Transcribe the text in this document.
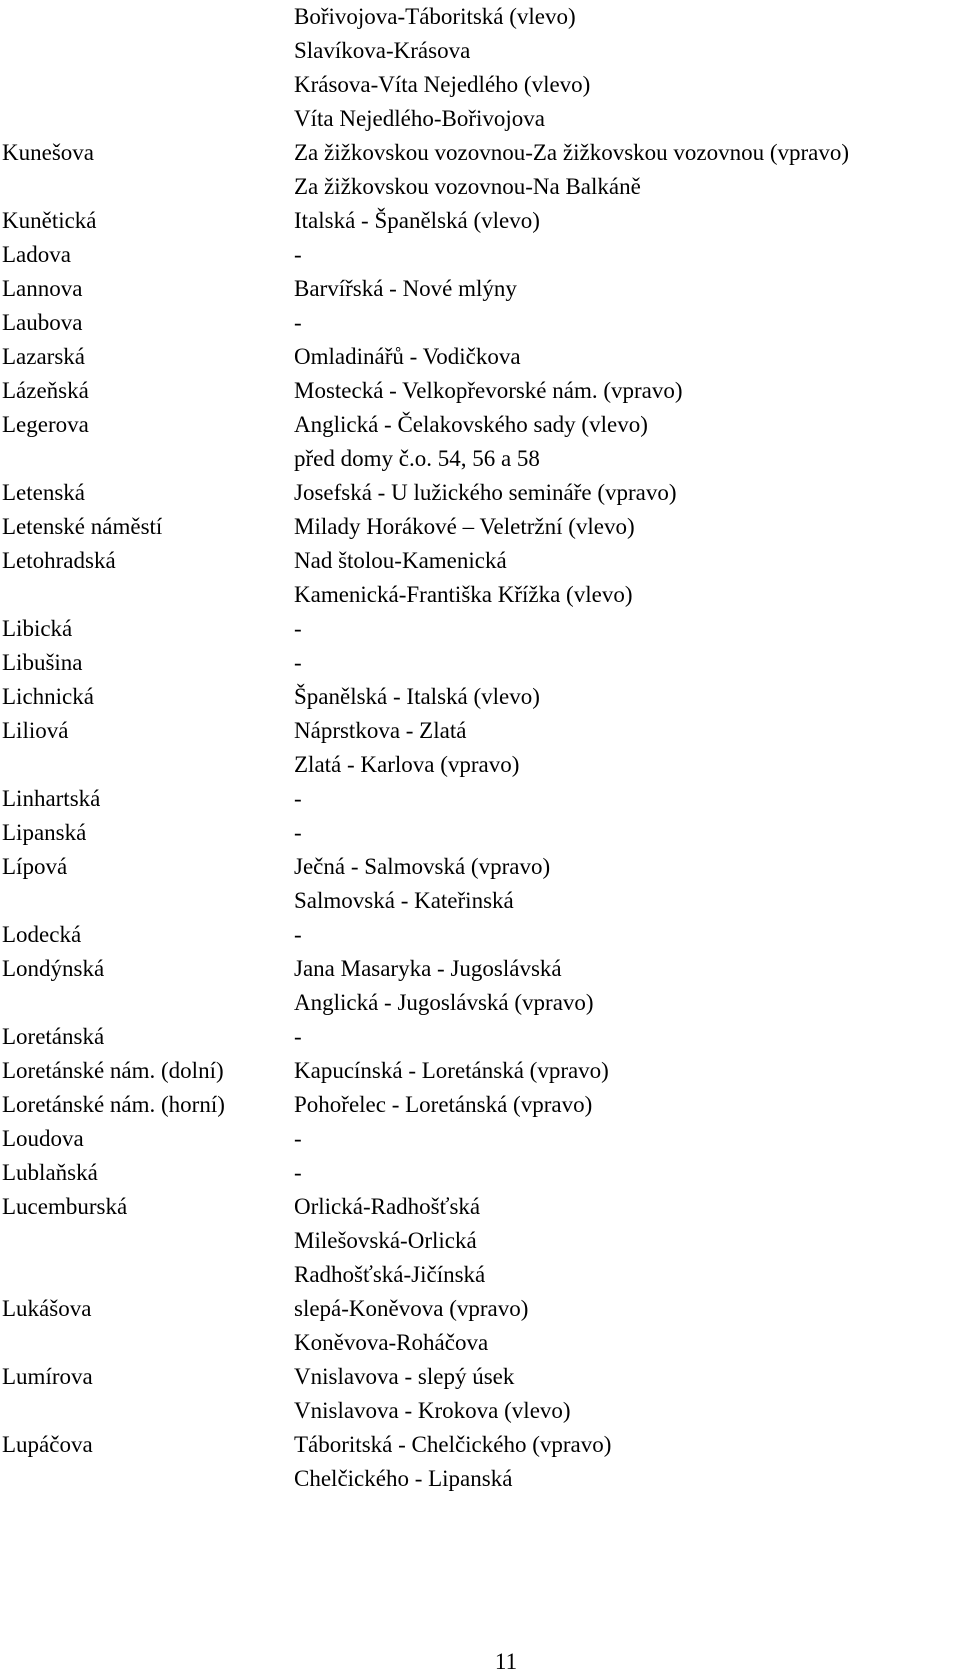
Bořivojova-Táboritská (vlevo)
Slavíkova-Krásova
Krásova-Víta Nejedlého (vlevo)
Víta Nejedlého-Bořivojova
Kunešova	Za žižkovskou vozovnou-Za žižkovskou vozovnou (vpravo)
Za žižkovskou vozovnou-Na Balkáně
Kunětická	Italská - Španělská (vlevo)
Ladova	-
Lannova	Barvířská - Nové mlýny
Laubova	-
Lazarská	Omladinářů - Vodičkova
Lázeňská	Mostecká - Velkopřevorské nám. (vpravo)
Legerova	Anglická - Čelakovského sady (vlevo)
před domy č.o. 54, 56 a 58
Letenská	Josefská - U lužického semináře (vpravo)
Letenské náměstí	Milady Horákové – Veletržní (vlevo)
Letohradská	Nad štolou-Kamenická
Kamenická-Františka Křížka (vlevo)
Libická	-
Libušina	-
Lichnická	Španělská - Italská (vlevo)
Liliová	Náprstkova - Zlatá
Zlatá - Karlova (vpravo)
Linhartská	-
Lipanská	-
Lípová	Ječná - Salmovská (vpravo)
Salmovská - Kateřinská
Lodecká	-
Londýnská	Jana Masaryka - Jugoslávská
Anglická - Jugoslávská (vpravo)
Loretánská	-
Loretánské nám. (dolní)	Kapucínská - Loretánská (vpravo)
Loretánské nám. (horní)	Pohořelec - Loretánská (vpravo)
Loudova	-
Lublaňská	-
Lucemburská	Orlická-Radhošťská
Milešovská-Orlická
Radhošťská-Jičínská
Lukášova	slepá-Koněvova (vpravo)
Koněvova-Roháčova
Lumírova	Vnislavova - slepý úsek
Vnislavova - Krokova (vlevo)
Lupáčova	Táboritská - Chelčického (vpravo)
Chelčického - Lipanská
11
